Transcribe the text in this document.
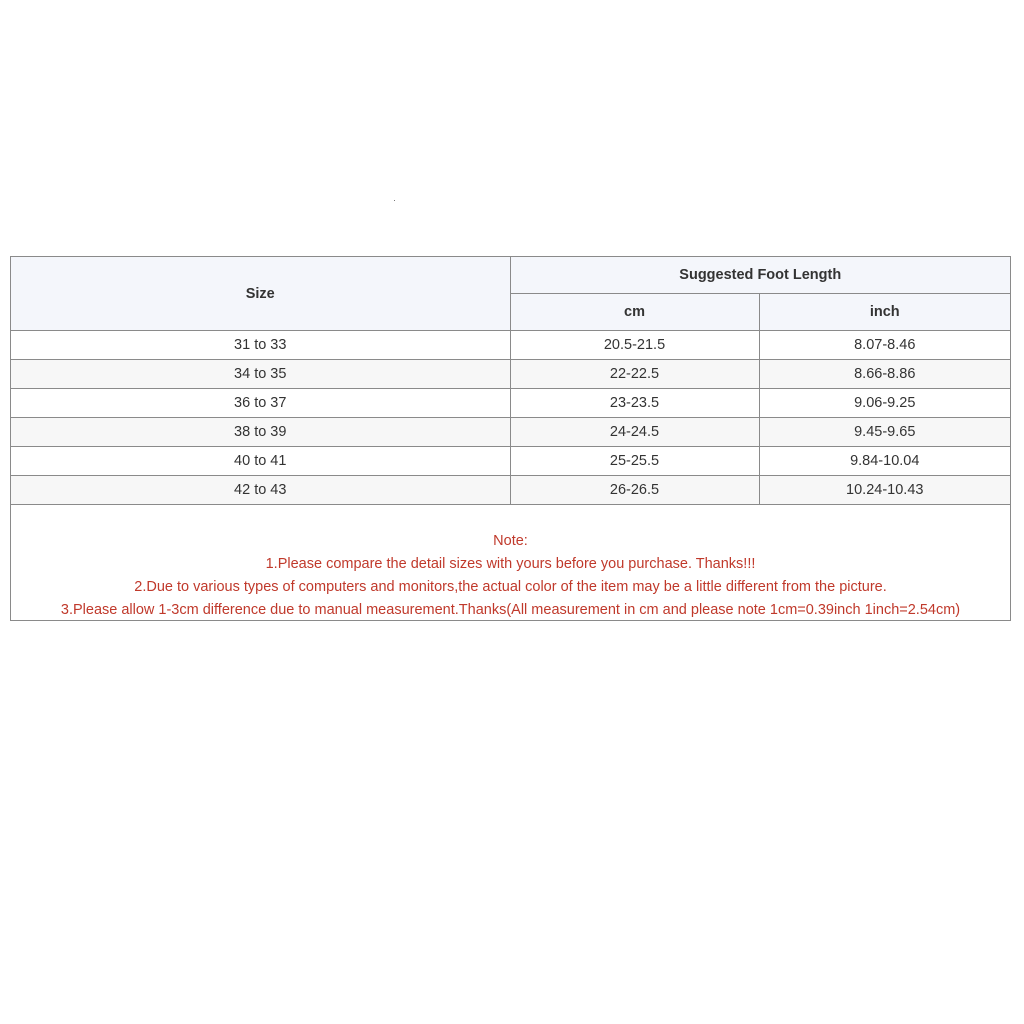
Size	Suggested Foot Length	
	cm	inch
31 to 33	20.5-21.5	8.07-8.46
34 to 35	22-22.5	8.66-8.86
36 to 37	23-23.5	9.06-9.25
38 to 39	24-24.5	9.45-9.65
40 to 41	25-25.5	9.84-10.04
42 to 43	26-26.5	10.24-10.43
Note:
1.Please compare the detail sizes with yours before you purchase. Thanks!!!
2.Due to various types of computers and monitors,the actual color of the item may be a little different from the picture.
3.Please allow 1-3cm difference due to manual measurement.Thanks(All measurement in cm and please note 1cm=0.39inch 1inch=2.54cm)
